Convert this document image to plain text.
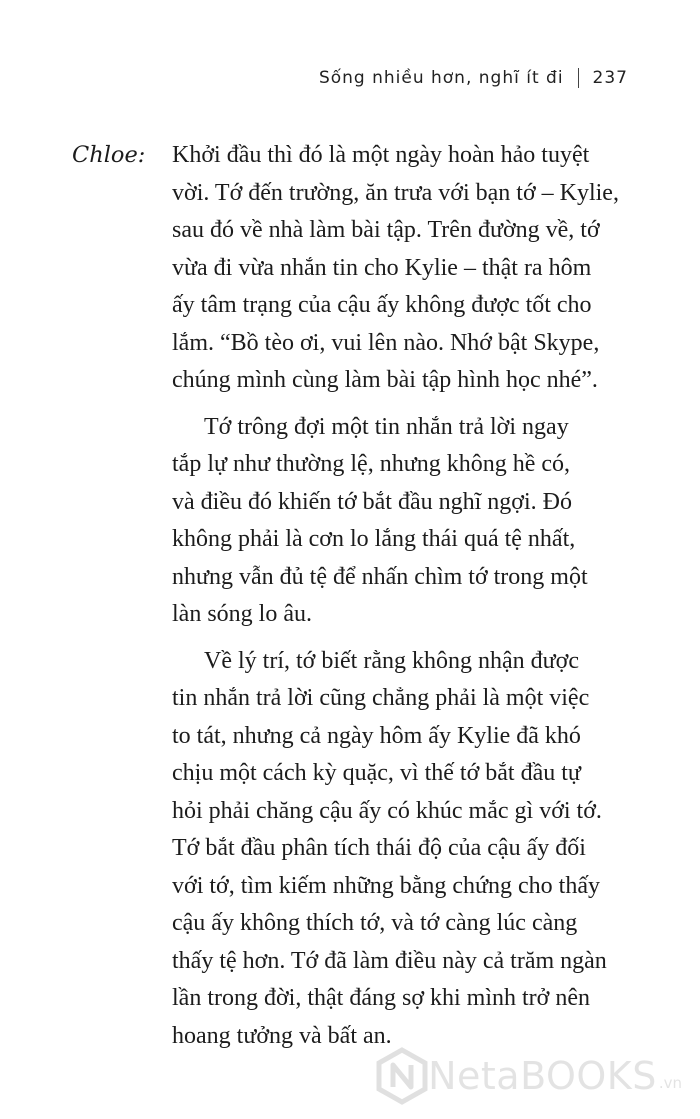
Sống nhiều hơn, nghĩ ít đi 237
Chloe: Khởi đầu thì đó là một ngày hoàn hảo tuyệt
vời. Tớ đến trường, ăn trưa với bạn tớ – Kylie,
sau đó về nhà làm bài tập. Trên đường về, tớ
vừa đi vừa nhắn tin cho Kylie – thật ra hôm
ấy tâm trạng của cậu ấy không được tốt cho
lắm. “Bồ tèo ơi, vui lên nào. Nhớ bật Skype,
chúng mình cùng làm bài tập hình học nhé”.
Tớ trông đợi một tin nhắn trả lời ngay
tắp lự như thường lệ, nhưng không hề có,
và điều đó khiến tớ bắt đầu nghĩ ngợi. Đó
không phải là cơn lo lắng thái quá tệ nhất,
nhưng vẫn đủ tệ để nhấn chìm tớ trong một
làn sóng lo âu.
Về lý trí, tớ biết rằng không nhận được
tin nhắn trả lời cũng chẳng phải là một việc
to tát, nhưng cả ngày hôm ấy Kylie đã khó
chịu một cách kỳ quặc, vì thế tớ bắt đầu tự
hỏi phải chăng cậu ấy có khúc mắc gì với tớ.
Tớ bắt đầu phân tích thái độ của cậu ấy đối
với tớ, tìm kiếm những bằng chứng cho thấy
cậu ấy không thích tớ, và tớ càng lúc càng
thấy tệ hơn. Tớ đã làm điều này cả trăm ngàn
lần trong đời, thật đáng sợ khi mình trở nên
hoang tưởng và bất an.
NetaBOOKS .vn
